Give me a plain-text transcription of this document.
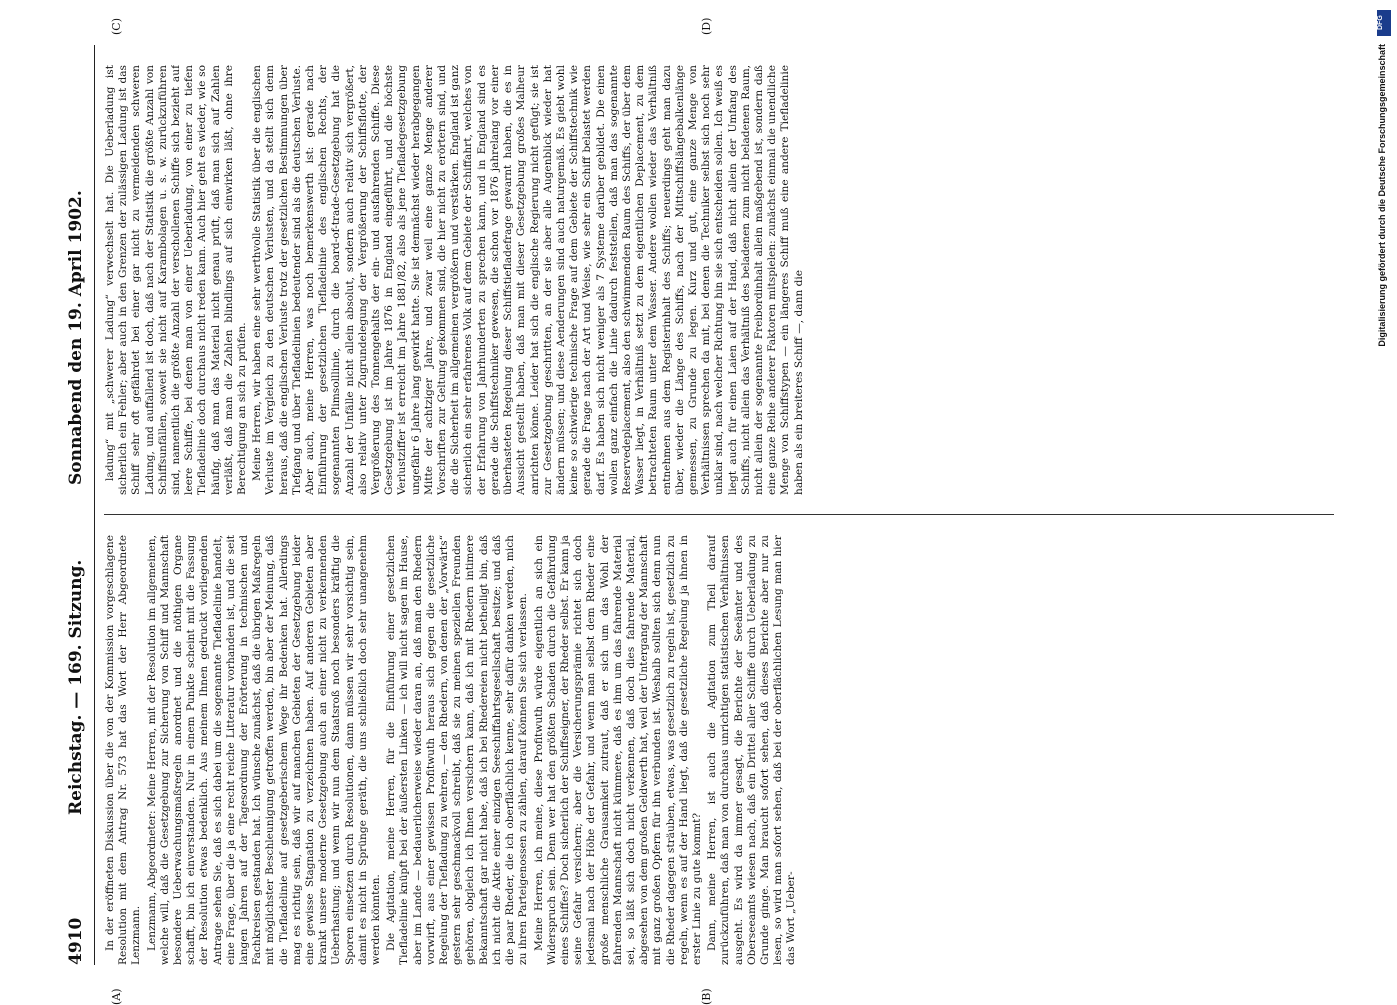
4910
Reichstag. — 169. Sitzung.
Sonnabend den 19. April 1902.
(A)	(B)
(C)	(D)

In der eröffneten Diskussion über die von der Kommission vorgeschlagene Resolution mit dem Antrag Nr. 573 hat das Wort der Herr Abgeordnete Lenzmann. Lenzmann, Abgeordneter: Meine Herren, mit der Resolution im allgemeinen, welche will, daß die Gesetzgebung zur Sicherung von Schiff und Mannschaft besondere Ueberwachungsmaßregeln anordnet und die nöthigen Organe schafft, bin ich einverstanden. Nur in einem Punkte scheint mit die Fassung der Resolution etwas bedenklich. Aus meinem Ihnen gedruckt vorliegenden Antrage sehen Sie, daß es sich dabei um die sogenannte Tiefladelinie handelt, eine Frage, über die ja eine recht reiche Litteratur vorhanden ist, und die seit langen Jahren auf der Tagesordnung der Erörterung in technischen und Fachkreisen gestanden hat. Ich wünsche zunächst, daß die übrigen Maßregeln mit möglichster Beschleunigung getroffen werden, bin aber der Meinung, daß die Tiefladelinie auf gesetzgeberischem Wege ihr Bedenken hat. Allerdings mag es richtig sein, daß wir auf manchen Gebieten der Gesetzgebung leider eine gewisse Stagnation zu verzeichnen haben. Auf anderen Gebieten aber krankt unsere moderne Gesetzgebung auch an einer nicht zu verkennenden Ueberhastung; und wenn wir nun dem Staatsroß noch besonders kräftig die Sporen einsetzen durch Resolutionen, dann müssen wir sehr vorsichtig sein, damit es nicht in Sprünge geräth, die uns schließlich doch sehr unangenehm werden könnten. Die Agitation, meine Herren, für die Einführung einer gesetzlichen Tiefladelinie knüpft bei der äußersten Linken — ich will nicht sagen im Hause, aber im Lande — bedauerlicherweise wieder daran an, daß man den Rhedern vorwirft, aus einer gewissen Profitwuth heraus sich gegen die gesetzliche Regelung der Tiefladung zu wehren, — den Rhedern, von denen der „Vorwärts“ gestern sehr geschmackvoll schreibt, daß sie zu meinen speziellen Freunden gehören, obgleich ich Ihnen versichern kann, daß ich mit Rhedern intimere Bekanntschaft gar nicht habe, daß ich bei Rhedereien nicht betheiligt bin, daß ich nicht die Aktie einer einzigen Seeschiffahrtsgesellschaft besitze; und daß die paar Rheder, die ich oberflächlich kenne, sehr dafür danken werden, mich zu ihren Parteigenossen zu zählen, darauf können Sie sich verlassen. Meine Herren, ich meine, diese Profitwuth würde eigentlich an sich ein Widerspruch sein. Denn wer hat den größten Schaden durch die Gefährdung eines Schiffes? Doch sicherlich der Schiffseigner, der Rheder selbst. Er kann ja seine Gefahr versichern; aber die Versicherungsprämie richtet sich doch jedesmal nach der Höhe der Gefahr, und wenn man selbst dem Rheder eine große menschliche Grausamkeit zutraut, daß er sich um das Wohl der fahrenden Mannschaft nicht kümmere, daß es ihm um das fahrende Material sei, so läßt sich doch nicht verkennen, daß doch dies fahrende Material, abgesehen von dem großen Geldwerth hat, weil der Untergang der Mannschaft mit ganz großen Opfern für ihn verbunden ist. Weshalb sollten sich denn nun die Rheder dagegen sträuben, etwas, was gesetzlich zu regeln ist, gesetzlich zu regeln, wenn es auf der Hand liegt, daß die gesetzliche Regelung ja ihnen in erster Linie zu gute kommt? Dann, meine Herren, ist auch die Agitation zum Theil darauf zurückzuführen, daß man von durchaus unrichtigen statistischen Verhältnissen ausgeht. Es wird da immer gesagt, die Berichte der Seeämter und des Oberseeamts wiesen nach, daß ein Drittel aller Schiffe durch Ueberladung zu Grunde ginge. Man braucht sofort sehen, daß dieses Berichte aber nur zu lesen, so wird man sofort sehen, daß bei der oberflächlichen Lesung man hier das Wort „Ueber-

ladung“ mit „schwerer Ladung“ verwechselt hat. Die Ueberladung ist sicherlich ein Fehler; aber auch in den Grenzen der zulässigen Ladung ist das Schiff sehr oft gefährdet bei einer gar nicht zu vermeidenden schweren Ladung, und auffallend ist doch, daß nach der Statistik die größte Anzahl von Schiffsunfällen, soweit sie nicht auf Karambolagen u. s. w. zurückzuführen sind, namentlich die größte Anzahl der verschollenen Schiffe sich bezieht auf leere Schiffe, bei denen man von einer Ueberladung, von einer zu tiefen Tiefladelinie doch durchaus nicht reden kann. Auch hier geht es wieder, wie so häufig, daß man das Material nicht genau prüft, daß man sich auf Zahlen verläßt, daß man die Zahlen blindlings auf sich einwirken läßt, ohne ihre Berechtigung an sich zu prüfen. Meine Herren, wir haben eine sehr werthvolle Statistik über die englischen Verluste im Vergleich zu den deutschen Verlusten, und da stellt sich denn heraus, daß die englischen Verluste trotz der gesetzlichen Bestimmungen über Tiefgang und über Tiefladelinien bedeutender sind als die deutschen Verluste. Aber auch, meine Herren, was noch bemerkenswerth ist: gerade nach Einführung der gesetzlichen Tiefladelinie des englischen Rechts, der sogenannten Plimsolllinie, durch die board-of-trade-Gesetzgebung hat die Anzahl der Unfälle nicht allein absolut, sondern auch relativ sich vergrößert, also relativ unter Zugrundelegung der Vergrößerung der Schiffsflotte, der Vergrößerung des Tonnengehalts der ein- und ausfahrenden Schiffe. Diese Gesetzgebung ist im Jahre 1876 in England eingeführt, und die höchste Verlustziffer ist erreicht im Jahre 1881/82, also als jene Tiefladegesetzgebung ungefähr 6 Jahre lang gewirkt hatte. Sie ist demnächst wieder herabgegangen Mitte der achtziger Jahre, und zwar weil eine ganze Menge anderer Vorschriften zur Geltung gekommen sind, die hier nicht zu erörtern sind, und die die Sicherheit im allgemeinen vergrößern und verstärken. England ist ganz sicherlich ein sehr erfahrenes Volk auf dem Gebiete der Schiffahrt, welches von der Erfahrung von Jahrhunderten zu sprechen kann, und in England sind es gerade die Schiffstechniker gewesen, die schon vor 1876 jahrelang vor einer überhasteten Regelung dieser Schiffstiefladefrage gewarnt haben, die es in Aussicht gestellt haben, daß man mit dieser Gesetzgebung großes Malheur anrichten könne. Leider hat sich die englische Regierung nicht gefügt; sie ist zur Gesetzgebung geschritten, an der sie aber alle Augenblick wieder hat ändern müssen; und diese Aenderungen sind auch naturgemäß. Es giebt wohl keine so schwierige technische Frage auf dem Gebiete der Schiffstechnik wie gerade die Frage nach der Art und Weise, wie sehr ein Schiff belastet werden darf. Es haben sich nicht weniger als 7 Systeme darüber gebildet. Die einen wollen ganz einfach die Linie dadurch feststellen, daß man das sogenannte Reservedeplacement, also den schwimmenden Raum des Schiffs, der über dem Wasser liegt, in Verhältniß setzt zu dem eigentlichen Deplacement, zu dem betrachteten Raum unter dem Wasser. Andere wollen wieder das Verhältniß entnehmen aus dem Registerinhalt des Schiffs; neuerdings geht man dazu über, wieder die Länge des Schiffs, nach der Mittschiffslängebalkenlänge gemessen, zu Grunde zu legen. Kurz und gut, eine ganze Menge von Verhältnissen sprechen da mit, bei denen die Techniker selbst sich noch sehr unklar sind, nach welcher Richtung hin sie sich entscheiden sollen. Ich weiß es liegt auch für einen Laien auf der Hand, daß nicht allein der Umfang des Schiffs, nicht allein das Verhältniß des beladenen zum nicht beladenen Raum, nicht allein der sogenannte Freibordinhalt allein maßgebend ist, sondern daß eine ganze Reihe anderer Faktoren mitspielen: zunächst einmal die unendliche Menge von Schiffstypen — ein längeres Schiff muß eine andere Tiefladelinie haben als ein breiteres Schiff —, dann die

DFG
Digitalisierung gefördert durch die Deutsche Forschungsgemeinschaft
